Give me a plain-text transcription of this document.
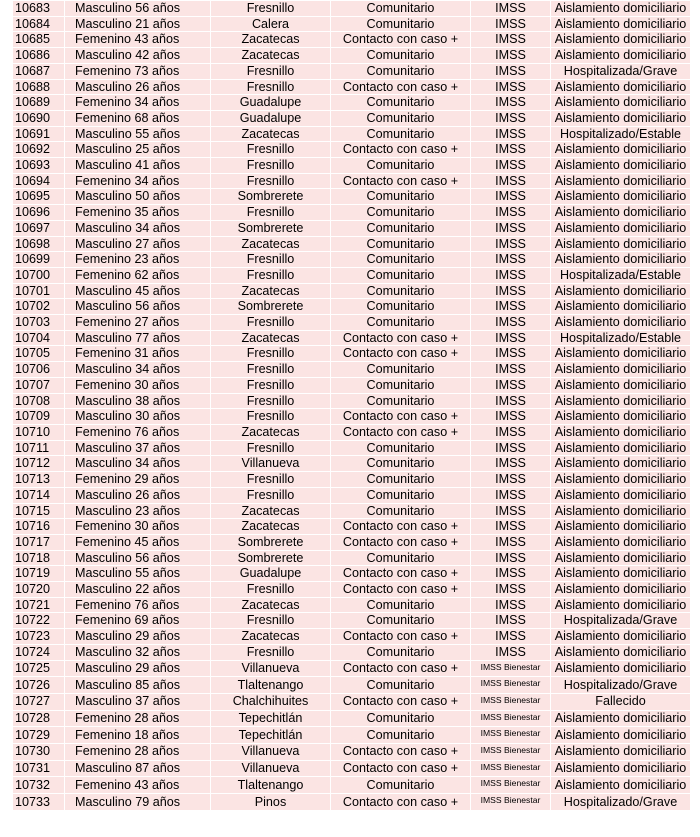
10683	Masculino 56 años	Fresnillo	Comunitario	IMSS	Aislamiento domiciliario
10684	Masculino 21 años	Calera	Comunitario	IMSS	Aislamiento domiciliario
10685	Femenino 43 años	Zacatecas	Contacto con caso +	IMSS	Aislamiento domiciliario
10686	Masculino 42 años	Zacatecas	Comunitario	IMSS	Aislamiento domiciliario
10687	Femenino 73 años	Fresnillo	Comunitario	IMSS	Hospitalizada/Grave
10688	Masculino 26 años	Fresnillo	Contacto con caso +	IMSS	Aislamiento domiciliario
10689	Femenino 34 años	Guadalupe	Comunitario	IMSS	Aislamiento domiciliario
10690	Femenino 68 años	Guadalupe	Comunitario	IMSS	Aislamiento domiciliario
10691	Masculino 55 años	Zacatecas	Comunitario	IMSS	Hospitalizado/Estable
10692	Masculino 25 años	Fresnillo	Contacto con caso +	IMSS	Aislamiento domiciliario
10693	Masculino 41 años	Fresnillo	Comunitario	IMSS	Aislamiento domiciliario
10694	Femenino 34 años	Fresnillo	Contacto con caso +	IMSS	Aislamiento domiciliario
10695	Masculino 50 años	Sombrerete	Comunitario	IMSS	Aislamiento domiciliario
10696	Femenino 35 años	Fresnillo	Comunitario	IMSS	Aislamiento domiciliario
10697	Masculino 34 años	Sombrerete	Comunitario	IMSS	Aislamiento domiciliario
10698	Masculino 27 años	Zacatecas	Comunitario	IMSS	Aislamiento domiciliario
10699	Femenino 23 años	Fresnillo	Comunitario	IMSS	Aislamiento domiciliario
10700	Femenino 62 años	Fresnillo	Comunitario	IMSS	Hospitalizada/Estable
10701	Masculino 45 años	Zacatecas	Comunitario	IMSS	Aislamiento domiciliario
10702	Masculino 56 años	Sombrerete	Comunitario	IMSS	Aislamiento domiciliario
10703	Femenino 27 años	Fresnillo	Comunitario	IMSS	Aislamiento domiciliario
10704	Masculino 77 años	Zacatecas	Contacto con caso +	IMSS	Hospitalizado/Estable
10705	Femenino 31 años	Fresnillo	Contacto con caso +	IMSS	Aislamiento domiciliario
10706	Masculino 34 años	Fresnillo	Comunitario	IMSS	Aislamiento domiciliario
10707	Femenino 30 años	Fresnillo	Comunitario	IMSS	Aislamiento domiciliario
10708	Masculino 38 años	Fresnillo	Comunitario	IMSS	Aislamiento domiciliario
10709	Masculino 30 años	Fresnillo	Contacto con caso +	IMSS	Aislamiento domiciliario
10710	Femenino 76 años	Zacatecas	Contacto con caso +	IMSS	Aislamiento domiciliario
10711	Masculino 37 años	Fresnillo	Comunitario	IMSS	Aislamiento domiciliario
10712	Masculino 34 años	Villanueva	Comunitario	IMSS	Aislamiento domiciliario
10713	Femenino 29 años	Fresnillo	Comunitario	IMSS	Aislamiento domiciliario
10714	Masculino 26 años	Fresnillo	Comunitario	IMSS	Aislamiento domiciliario
10715	Masculino 23 años	Zacatecas	Comunitario	IMSS	Aislamiento domiciliario
10716	Femenino 30 años	Zacatecas	Contacto con caso +	IMSS	Aislamiento domiciliario
10717	Femenino 45 años	Sombrerete	Contacto con caso +	IMSS	Aislamiento domiciliario
10718	Masculino 56 años	Sombrerete	Comunitario	IMSS	Aislamiento domiciliario
10719	Masculino 55 años	Guadalupe	Contacto con caso +	IMSS	Aislamiento domiciliario
10720	Masculino 22 años	Fresnillo	Contacto con caso +	IMSS	Aislamiento domiciliario
10721	Femenino 76 años	Zacatecas	Comunitario	IMSS	Aislamiento domiciliario
10722	Femenino 69 años	Fresnillo	Comunitario	IMSS	Hospitalizada/Grave
10723	Masculino 29 años	Zacatecas	Contacto con caso +	IMSS	Aislamiento domiciliario
10724	Masculino 32 años	Fresnillo	Comunitario	IMSS	Aislamiento domiciliario
10725	Masculino 29 años	Villanueva	Contacto con caso +	IMSS Bienestar	Aislamiento domiciliario
10726	Masculino 85 años	Tlaltenango	Comunitario	IMSS Bienestar	Hospitalizado/Grave
10727	Masculino 37 años	Chalchihuites	Contacto con caso +	IMSS Bienestar	Fallecido
10728	Femenino 28 años	Tepechitlán	Comunitario	IMSS Bienestar	Aislamiento domiciliario
10729	Femenino 18 años	Tepechitlán	Comunitario	IMSS Bienestar	Aislamiento domiciliario
10730	Femenino 28 años	Villanueva	Contacto con caso +	IMSS Bienestar	Aislamiento domiciliario
10731	Masculino 87 años	Villanueva	Contacto con caso +	IMSS Bienestar	Aislamiento domiciliario
10732	Femenino 43 años	Tlaltenango	Comunitario	IMSS Bienestar	Aislamiento domiciliario
10733	Masculino 79 años	Pinos	Contacto con caso +	IMSS Bienestar	Hospitalizado/Grave
